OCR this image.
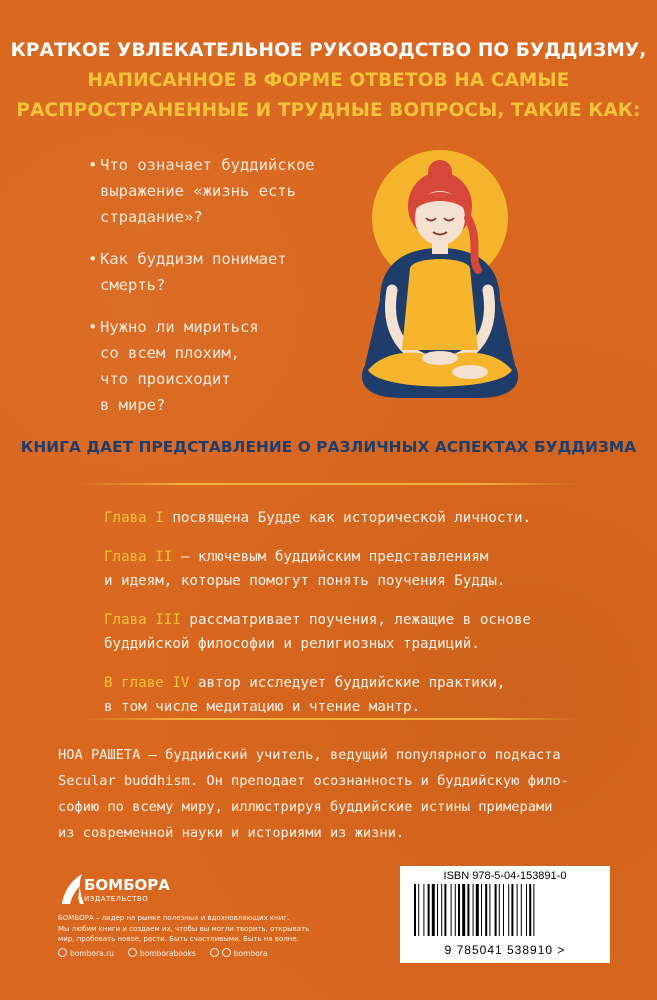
КРАТКОЕ УВЛЕКАТЕЛЬНОЕ РУКОВОДСТВО ПО БУДДИЗМУ,
НАПИСАННОЕ В ФОРМЕ ОТВЕТОВ НА САМЫЕ
РАСПРОСТРАНЕННЫЕ И ТРУДНЫЕ ВОПРОСЫ, ТАКИЕ КАК:
• Что означает буддийское
выражение «жизнь есть
страдание»?
• Как буддизм понимает
смерть?
• Нужно ли мириться
со всем плохим,
что происходит
в мире?
КНИГА ДАЕТ ПРЕДСТАВЛЕНИЕ О РАЗЛИЧНЫХ АСПЕКТАХ БУДДИЗМА
Глава I посвящена Будде как исторической личности.
Глава II – ключевым буддийским представлениям
и идеям, которые помогут понять поучения Будды.
Глава III рассматривает поучения, лежащие в основе
буддийской философии и религиозных традиций.
В главе IV автор исследует буддийские практики,
в том числе медитацию и чтение мантр.
НОА РАШЕТА – буддийский учитель, ведущий популярного подкаста
Secular buddhism. Он преподает осознанность и буддийскую фило-
софию по всему миру, иллюстрируя буддийские истины примерами
из современной науки и историями из жизни.
БОМБОРА
ИЗДАТЕЛЬСТВО
БОМБОРА – лидер на рынке полезных и вдохновляющих книг.
Мы любим книги и создаем их, чтобы вы могли творить, открывать
мир, пробовать новое, расти. Быть счастливыми. Быть на волне.
bombora.ru	bomborabooks	bombora
ISBN 978-5-04-153891-0
9 785041 538910 >
